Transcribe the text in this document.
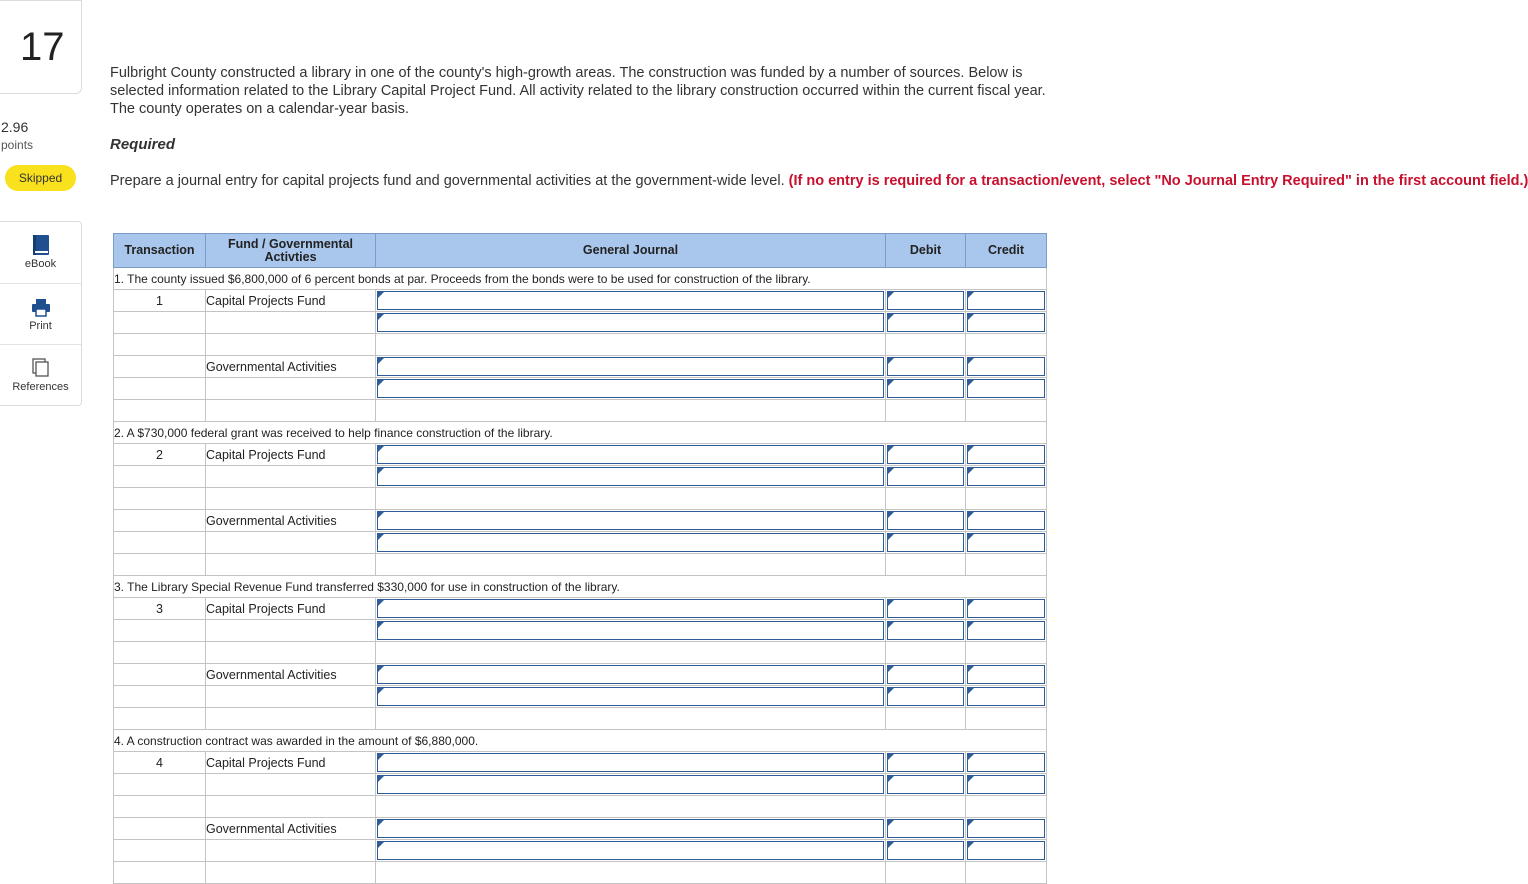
17
2.96
points
Skipped
eBook
Print
References
Fulbright County constructed a library in one of the county's high-growth areas. The construction was funded by a number of sources. Below is selected information related to the Library Capital Project Fund. All activity related to the library construction occurred within the current fiscal year. The county operates on a calendar-year basis.
Required
Prepare a journal entry for capital projects fund and governmental activities at the government-wide level. (If no entry is required for a transaction/event, select "No Journal Entry Required" in the first account field.)
Transaction	Fund / Governmental Activties	General Journal	Debit	Credit
1. The county issued $6,800,000 of 6 percent bonds at par. Proceeds from the bonds were to be used for construction of the library.				
1	Capital Projects Fund	

	Governmental Activities	

2. A $730,000 federal grant was received to help finance construction of the library.				
2	Capital Projects Fund	

	Governmental Activities	

3. The Library Special Revenue Fund transferred $330,000 for use in construction of the library.				
3	Capital Projects Fund	

	Governmental Activities	

4. A construction contract was awarded in the amount of $6,880,000.				
4	Capital Projects Fund	

	Governmental Activities	
